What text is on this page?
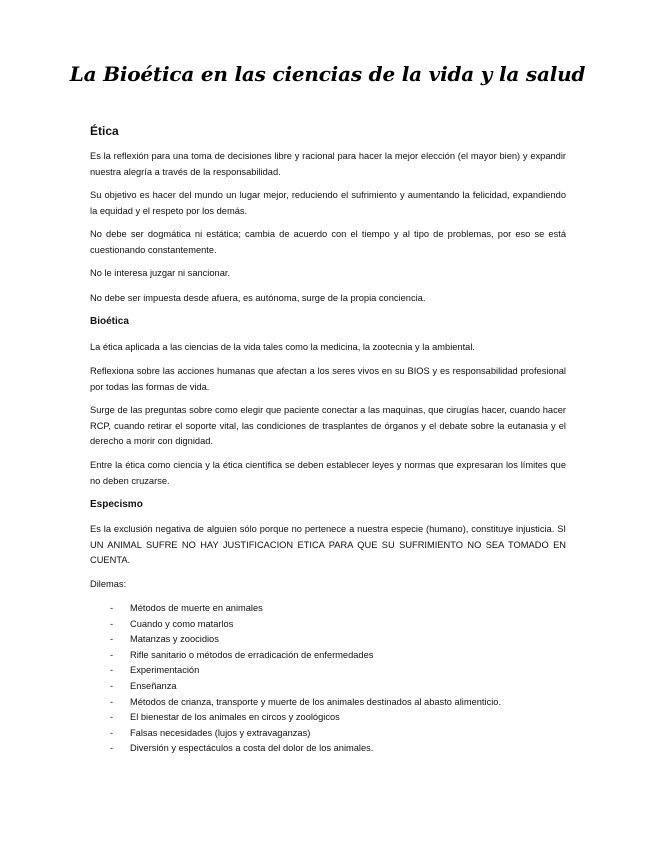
La Bioética en las ciencias de la vida y la salud
Ética

Es la reflexión para una toma de decisiones libre y racional para hacer la mejor elección (el mayor bien) y expandir nuestra alegría a través de la responsabilidad.

Su objetivo es hacer del mundo un lugar mejor, reduciendo el sufrimiento y aumentando la felicidad, expandiendo la equidad y el respeto por los demás.

No debe ser dogmática ni estática; cambia de acuerdo con el tiempo y al tipo de problemas, por eso se está cuestionando constantemente.

No le interesa juzgar ni sancionar.

No debe ser impuesta desde afuera, es autónoma, surge de la propia conciencia.

Bioética

La ética aplicada a las ciencias de la vida tales como la medicina, la zootecnia y la ambiental.

Reflexiona sobre las acciones humanas que afectan a los seres vivos en su BIOS y es responsabilidad profesional por todas las formas de vida.

Surge de las preguntas sobre como elegir que paciente conectar a las maquinas, que cirugías hacer, cuando hacer RCP, cuando retirar el soporte vital, las condiciones de trasplantes de órganos y el debate sobre la eutanasia y el derecho a morir con dignidad.

Entre la ética como ciencia y la ética científica se deben establecer leyes y normas que expresaran los límites que no deben cruzarse.

Especismo

Es la exclusión negativa de alguien sólo porque no pertenece a nuestra especie (humano), constituye injusticia. SI UN ANIMAL SUFRE NO HAY JUSTIFICACION ETICA PARA QUE SU SUFRIMIENTO NO SEA TOMADO EN CUENTA.

Dilemas:

- Métodos de muerte en animales
- Cuando y como matarlos
- Matanzas y zoocidios
- Rifle sanitario o métodos de erradicación de enfermedades
- Experimentación
- Enseñanza
- Métodos de crianza, transporte y muerte de los animales destinados al abasto alimenticio.
- El bienestar de los animales en circos y zoológicos
- Falsas necesidades (lujos y extravaganzas)
- Diversión y espectáculos a costa del dolor de los animales.
